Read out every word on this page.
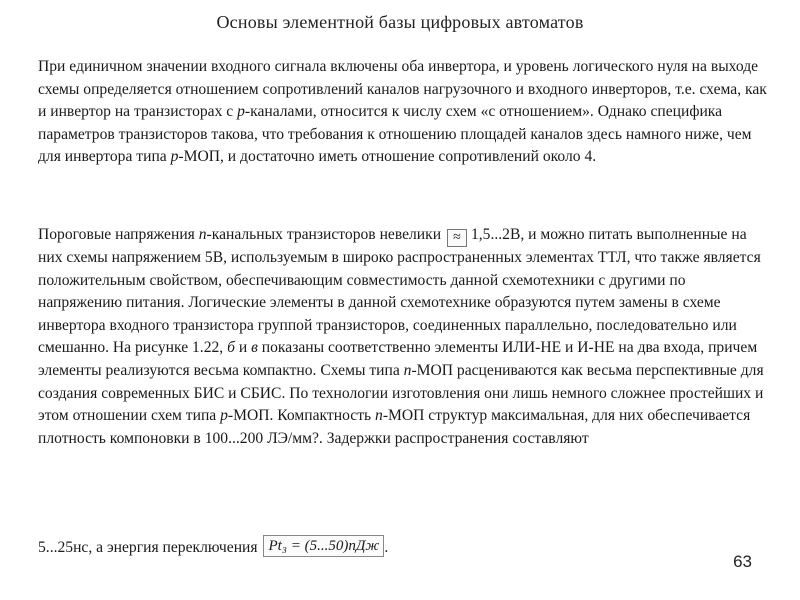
Основы элементной базы цифровых автоматов
При единичном значении входного сигнала включены оба инвертора, и уровень логического нуля на выходе схемы определяется отношением сопротивлений каналов нагрузочного и входного инверторов, т.е. схема, как и инвертор на транзисторах с р-каналами, относится к числу схем «с отношением». Однако специфика параметров транзисторов такова, что требования к отношению площадей каналов здесь намного ниже, чем для инвертора типа р-МОП, и достаточно иметь отношение сопротивлений около 4.
Пороговые напряжения n-канальных транзисторов невелики ≈ 1,5...2В, и можно питать выполненные на них схемы напряжением 5В, используемым в широко распространенных элементах ТТЛ, что также является положительным свойством, обеспечивающим совместимость данной схемотехники с другими по напряжению питания. Логические элементы в данной схемотехнике образуются путем замены в схеме инвертора входного транзистора группой транзисторов, соединенных параллельно, последовательно или смешанно. На рисунке 1.22, б и в показаны соответственно элементы ИЛИ-НЕ и И-НЕ на два входа, причем элементы реализуются весьма компактно. Схемы типа n-МОП расцениваются как весьма перспективные для создания современных БИС и СБИС. По технологии изготовления они лишь немного сложнее простейших и этом отношении схем типа р-МОП. Компактность n-МОП структур максимальная, для них обеспечивается плотность компоновки в 100...200 ЛЭ/мм?. Задержки распространения составляют
5...25нс, а энергия переключения Pt₃ = (5...50)пДж .
63
